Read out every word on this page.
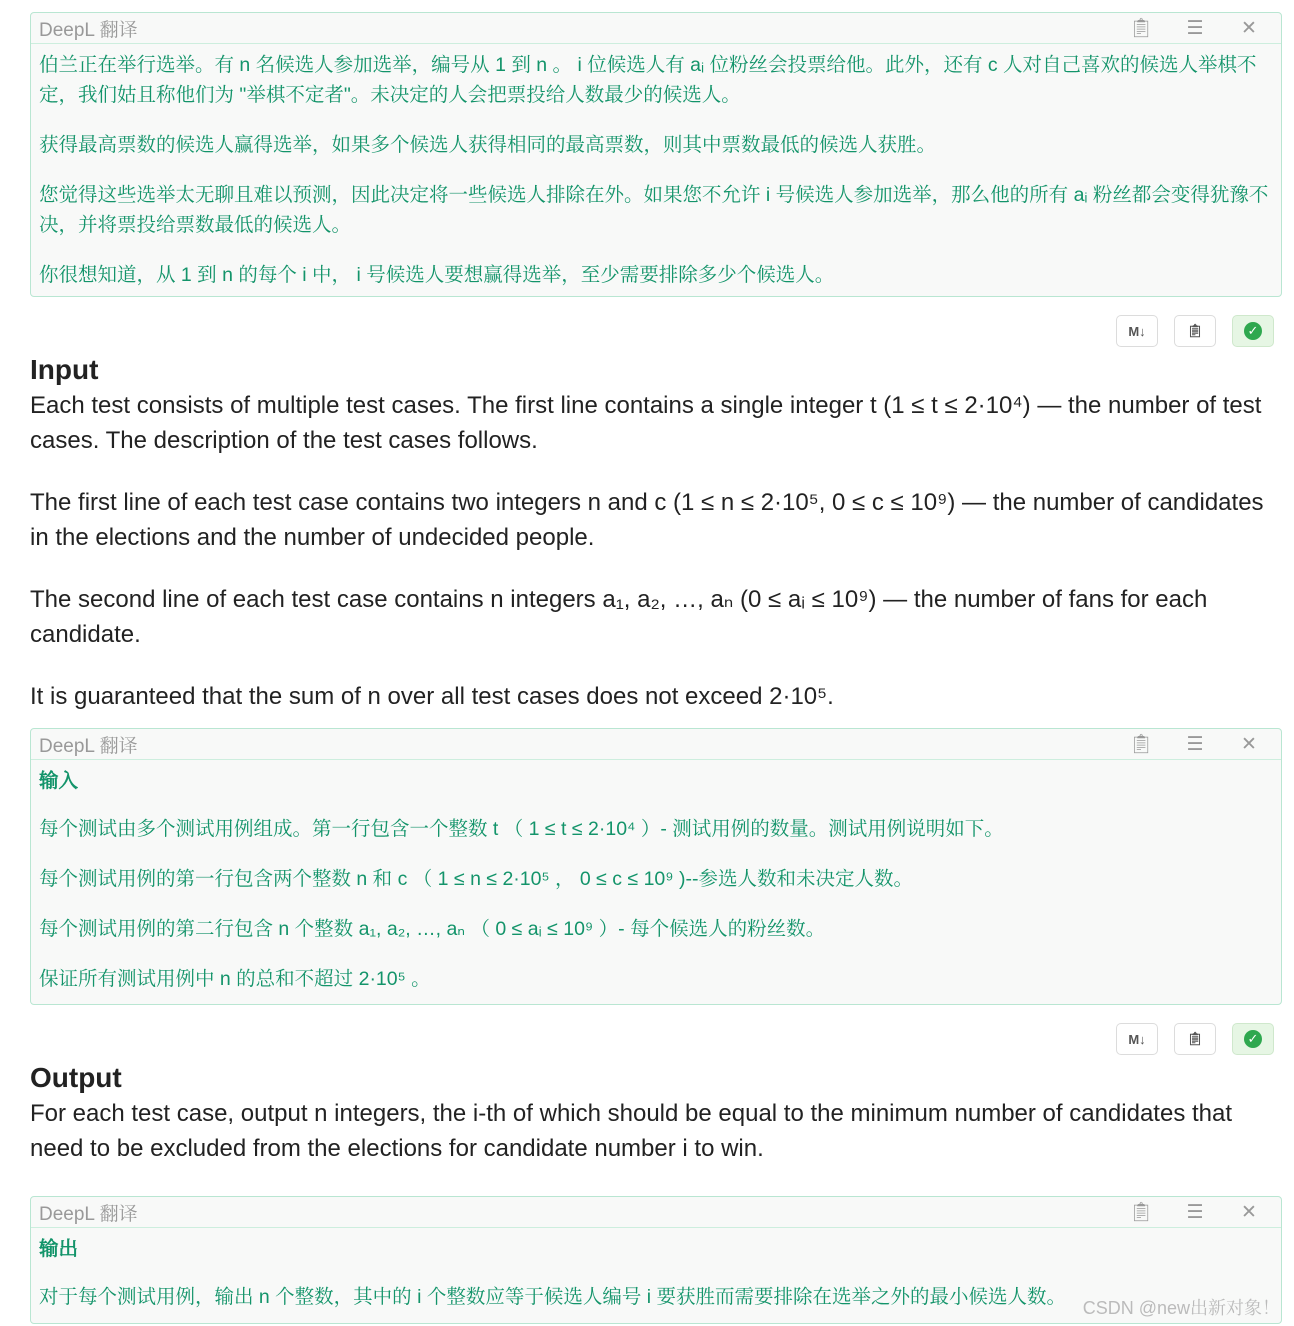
DeepL 翻译	📋︎	☰	✕

伯兰正在举行选举。有 n 名候选人参加选举，编号从 1 到 n 。 i 位候选人有 aᵢ 位粉丝会投票给他。此外，还有 c 人对自己喜欢的候选人举棋不定，我们姑且称他们为 "举棋不定者"。未决定的人会把票投给人数最少的候选人。

获得最高票数的候选人赢得选举，如果多个候选人获得相同的最高票数，则其中票数最低的候选人获胜。

您觉得这些选举太无聊且难以预测，因此决定将一些候选人排除在外。如果您不允许 i 号候选人参加选举，那么他的所有 aᵢ 粉丝都会变得犹豫不决，并将票投给票数最低的候选人。

你很想知道，从 1 到 n 的每个 i 中， i 号候选人要想赢得选举，至少需要排除多少个候选人。

M↓	📋︎	✓
Input

Each test consists of multiple test cases. The first line contains a single integer t (1 ≤ t ≤ 2·10⁴) — the number of test cases. The description of the test cases follows.

The first line of each test case contains two integers n and c (1 ≤ n ≤ 2·10⁵, 0 ≤ c ≤ 10⁹) — the number of candidates in the elections and the number of undecided people.

The second line of each test case contains n integers a₁, a₂, …, aₙ (0 ≤ aᵢ ≤ 10⁹) — the number of fans for each candidate.

It is guaranteed that the sum of n over all test cases does not exceed 2·10⁵.

DeepL 翻译	📋︎	☰	✕

输入

每个测试由多个测试用例组成。第一行包含一个整数 t （ 1 ≤ t ≤ 2·10⁴ ）- 测试用例的数量。测试用例说明如下。

每个测试用例的第一行包含两个整数 n 和 c （ 1 ≤ n ≤ 2·10⁵ ， 0 ≤ c ≤ 10⁹ )--参选人数和未决定人数。

每个测试用例的第二行包含 n 个整数 a₁, a₂, …, aₙ （ 0 ≤ aᵢ ≤ 10⁹ ）- 每个候选人的粉丝数。

保证所有测试用例中 n 的总和不超过 2·10⁵ 。

M↓	📋︎	✓
Output

For each test case, output n integers, the i-th of which should be equal to the minimum number of candidates that need to be excluded from the elections for candidate number i to win.

DeepL 翻译	📋︎	☰	✕

输出

对于每个测试用例，输出 n 个整数，其中的 i 个整数应等于候选人编号 i 要获胜而需要排除在选举之外的最小候选人数。 CSDN @new出新对象！
